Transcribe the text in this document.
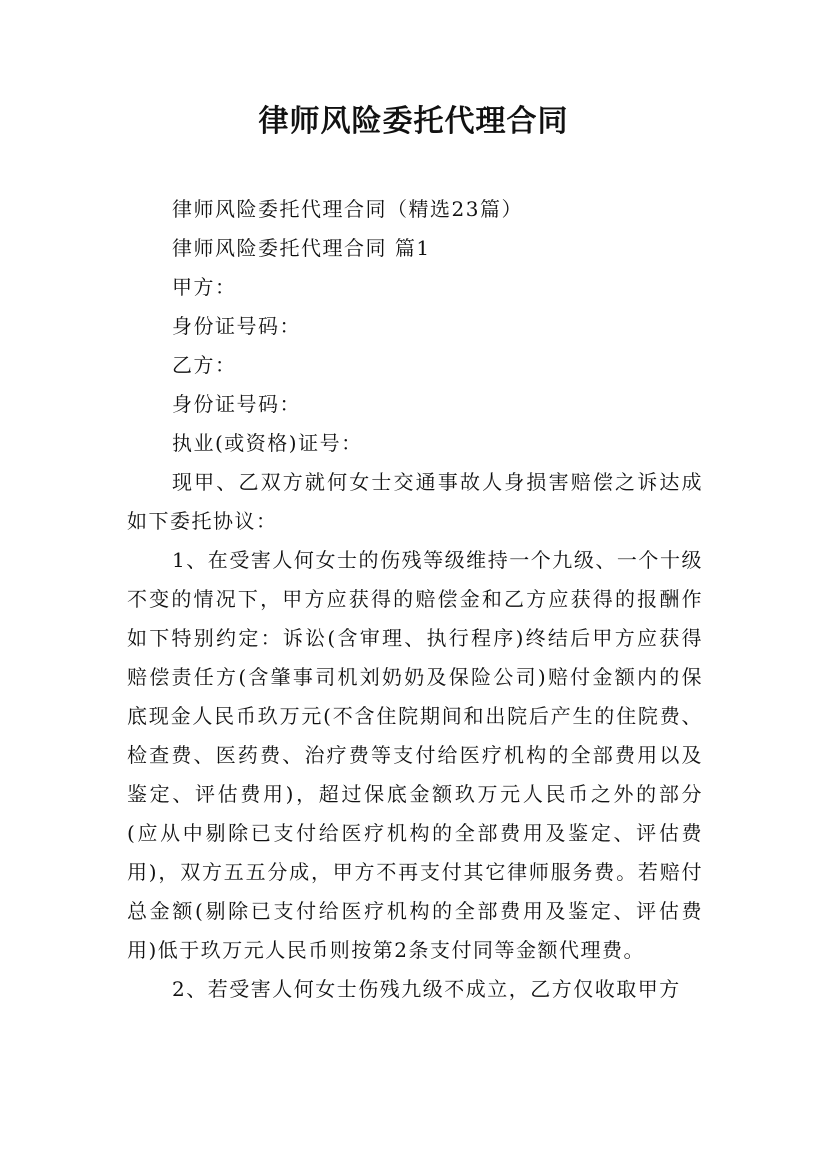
律师风险委托代理合同

律师风险委托代理合同（精选23篇）

律师风险委托代理合同 篇1

甲方：

身份证号码：

乙方：

身份证号码：

执业(或资格)证号：

现甲、乙双方就何女士交通事故人身损害赔偿之诉达成如下委托协议：

1、在受害人何女士的伤残等级维持一个九级、一个十级不变的情况下，甲方应获得的赔偿金和乙方应获得的报酬作如下特别约定：诉讼(含审理、执行程序)终结后甲方应获得赔偿责任方(含肇事司机刘奶奶及保险公司)赔付金额内的保底现金人民币玖万元(不含住院期间和出院后产生的住院费、检查费、医药费、治疗费等支付给医疗机构的全部费用以及鉴定、评估费用)，超过保底金额玖万元人民币之外的部分(应从中剔除已支付给医疗机构的全部费用及鉴定、评估费用)，双方五五分成，甲方不再支付其它律师服务费。若赔付总金额(剔除已支付给医疗机构的全部费用及鉴定、评估费用)低于玖万元人民币则按第2条支付同等金额代理费。

2、若受害人何女士伤残九级不成立，乙方仅收取甲方
